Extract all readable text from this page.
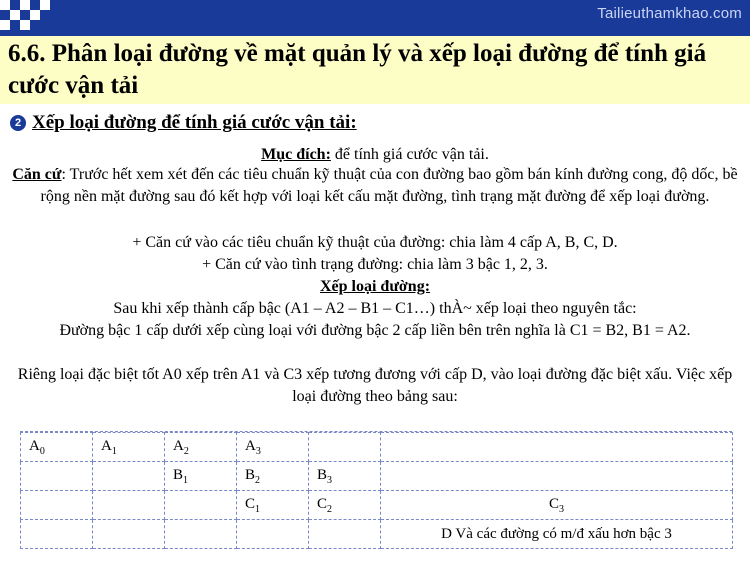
Tailieuthamkhao.com
6.6. Phân loại đường về mặt quản lý và xếp loại đường để tính giá cước vận tải
2 Xếp loại đường để tính giá cước vận tải:
Mục đích: để tính giá cước vận tải.
Căn cứ: Trước hết xem xét đến các tiêu chuẩn kỹ thuật của con đường bao gồm bán kính đường cong, độ dốc, bề rộng nền mặt đường sau đó kết hợp với loại kết cấu mặt đường, tình trạng mặt đường để xếp loại đường.
+ Căn cứ vào các tiêu chuẩn kỹ thuật của đường: chia làm 4 cấp A, B, C, D.
+ Căn cứ vào tình trạng đường: chia làm 3 bậc 1, 2, 3.
Xếp loại đường:
Sau khi xếp thành cấp bậc (A1 – A2 – B1 – C1…) thÀ~ xếp loại theo nguyên tắc:
Đường bậc 1 cấp dưới xếp cùng loại với đường bậc 2 cấp liền bên trên nghĩa là C1 = B2, B1 = A2.
Riêng loại đặc biệt tốt A0 xếp trên A1 và C3 xếp tương đương với cấp D, vào loại đường đặc biệt xấu. Việc xếp loại đường theo bảng sau:
$A_0$	$A_1$	$A_2$	$A_3$		
		$B_1$	$B_2$	$B_3$	
			$C_1$	$C_2$	$C_3$
					D Và các đường có m/đ xấu hơn bậc 3
